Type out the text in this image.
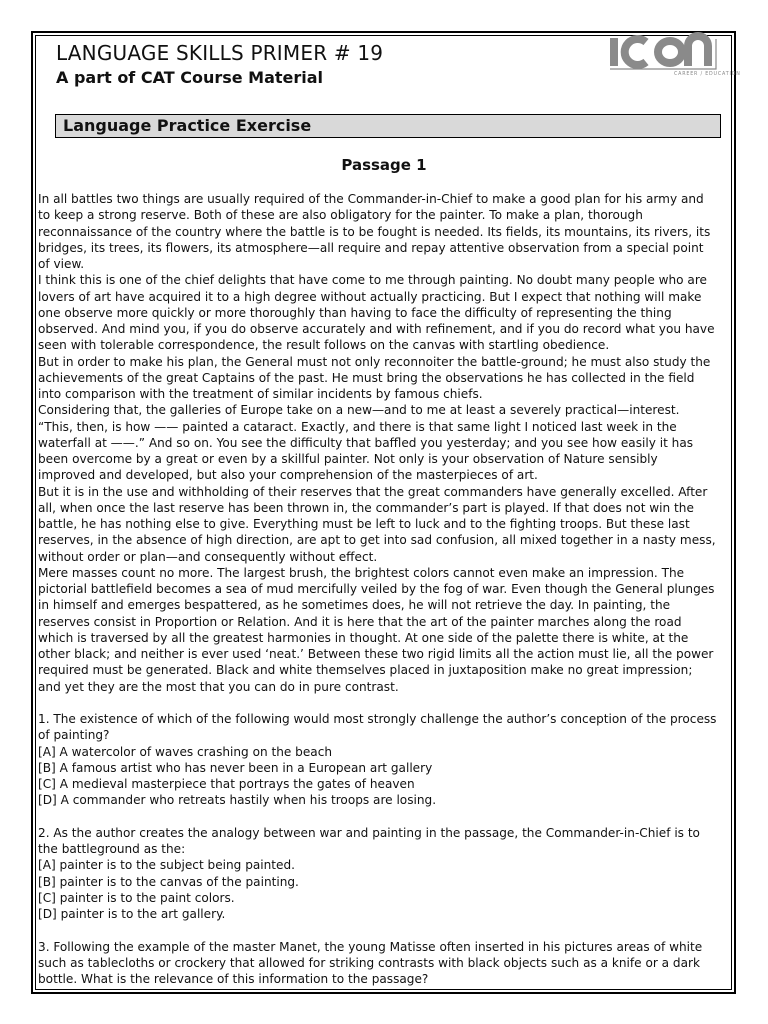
LANGUAGE SKILLS PRIMER # 19
A part of CAT Course Material	CAREER / EDUCATION
Language Practice Exercise
Passage 1

In all battles two things are usually required of the Commander-in-Chief to make a good plan for his army and to keep a strong reserve. Both of these are also obligatory for the painter. To make a plan, thorough reconnaissance of the country where the battle is to be fought is needed. Its fields, its mountains, its rivers, its bridges, its trees, its flowers, its atmosphere—all require and repay attentive observation from a special point of view.

I think this is one of the chief delights that have come to me through painting. No doubt many people who are lovers of art have acquired it to a high degree without actually practicing. But I expect that nothing will make one observe more quickly or more thoroughly than having to face the difficulty of representing the thing observed. And mind you, if you do observe accurately and with refinement, and if you do record what you have seen with tolerable correspondence, the result follows on the canvas with startling obedience.

But in order to make his plan, the General must not only reconnoiter the battle-ground; he must also study the achievements of the great Captains of the past. He must bring the observations he has collected in the field into comparison with the treatment of similar incidents by famous chiefs.

Considering that, the galleries of Europe take on a new—and to me at least a severely practical—interest. “This, then, is how —— painted a cataract. Exactly, and there is that same light I noticed last week in the waterfall at ——.” And so on. You see the difficulty that baffled you yesterday; and you see how easily it has been overcome by a great or even by a skillful painter. Not only is your observation of Nature sensibly improved and developed, but also your comprehension of the masterpieces of art.

But it is in the use and withholding of their reserves that the great commanders have generally excelled. After all, when once the last reserve has been thrown in, the commander’s part is played. If that does not win the battle, he has nothing else to give. Everything must be left to luck and to the fighting troops. But these last reserves, in the absence of high direction, are apt to get into sad confusion, all mixed together in a nasty mess, without order or plan—and consequently without effect.

Mere masses count no more. The largest brush, the brightest colors cannot even make an impression. The pictorial battlefield becomes a sea of mud mercifully veiled by the fog of war. Even though the General plunges in himself and emerges bespattered, as he sometimes does, he will not retrieve the day. In painting, the reserves consist in Proportion or Relation. And it is here that the art of the painter marches along the road which is traversed by all the greatest harmonies in thought. At one side of the palette there is white, at the other black; and neither is ever used ‘neat.’ Between these two rigid limits all the action must lie, all the power required must be generated. Black and white themselves placed in juxtaposition make no great impression; and yet they are the most that you can do in pure contrast.

1. The existence of which of the following would most strongly challenge the author’s conception of the process of painting?

[A] A watercolor of waves crashing on the beach

[B] A famous artist who has never been in a European art gallery

[C] A medieval masterpiece that portrays the gates of heaven

[D] A commander who retreats hastily when his troops are losing.

2. As the author creates the analogy between war and painting in the passage, the Commander-in-Chief is to the battleground as the:

[A] painter is to the subject being painted.

[B] painter is to the canvas of the painting.

[C] painter is to the paint colors.

[D] painter is to the art gallery.

3. Following the example of the master Manet, the young Matisse often inserted in his pictures areas of white such as tablecloths or crockery that allowed for striking contrasts with black objects such as a knife or a dark bottle. What is the relevance of this information to the passage?
